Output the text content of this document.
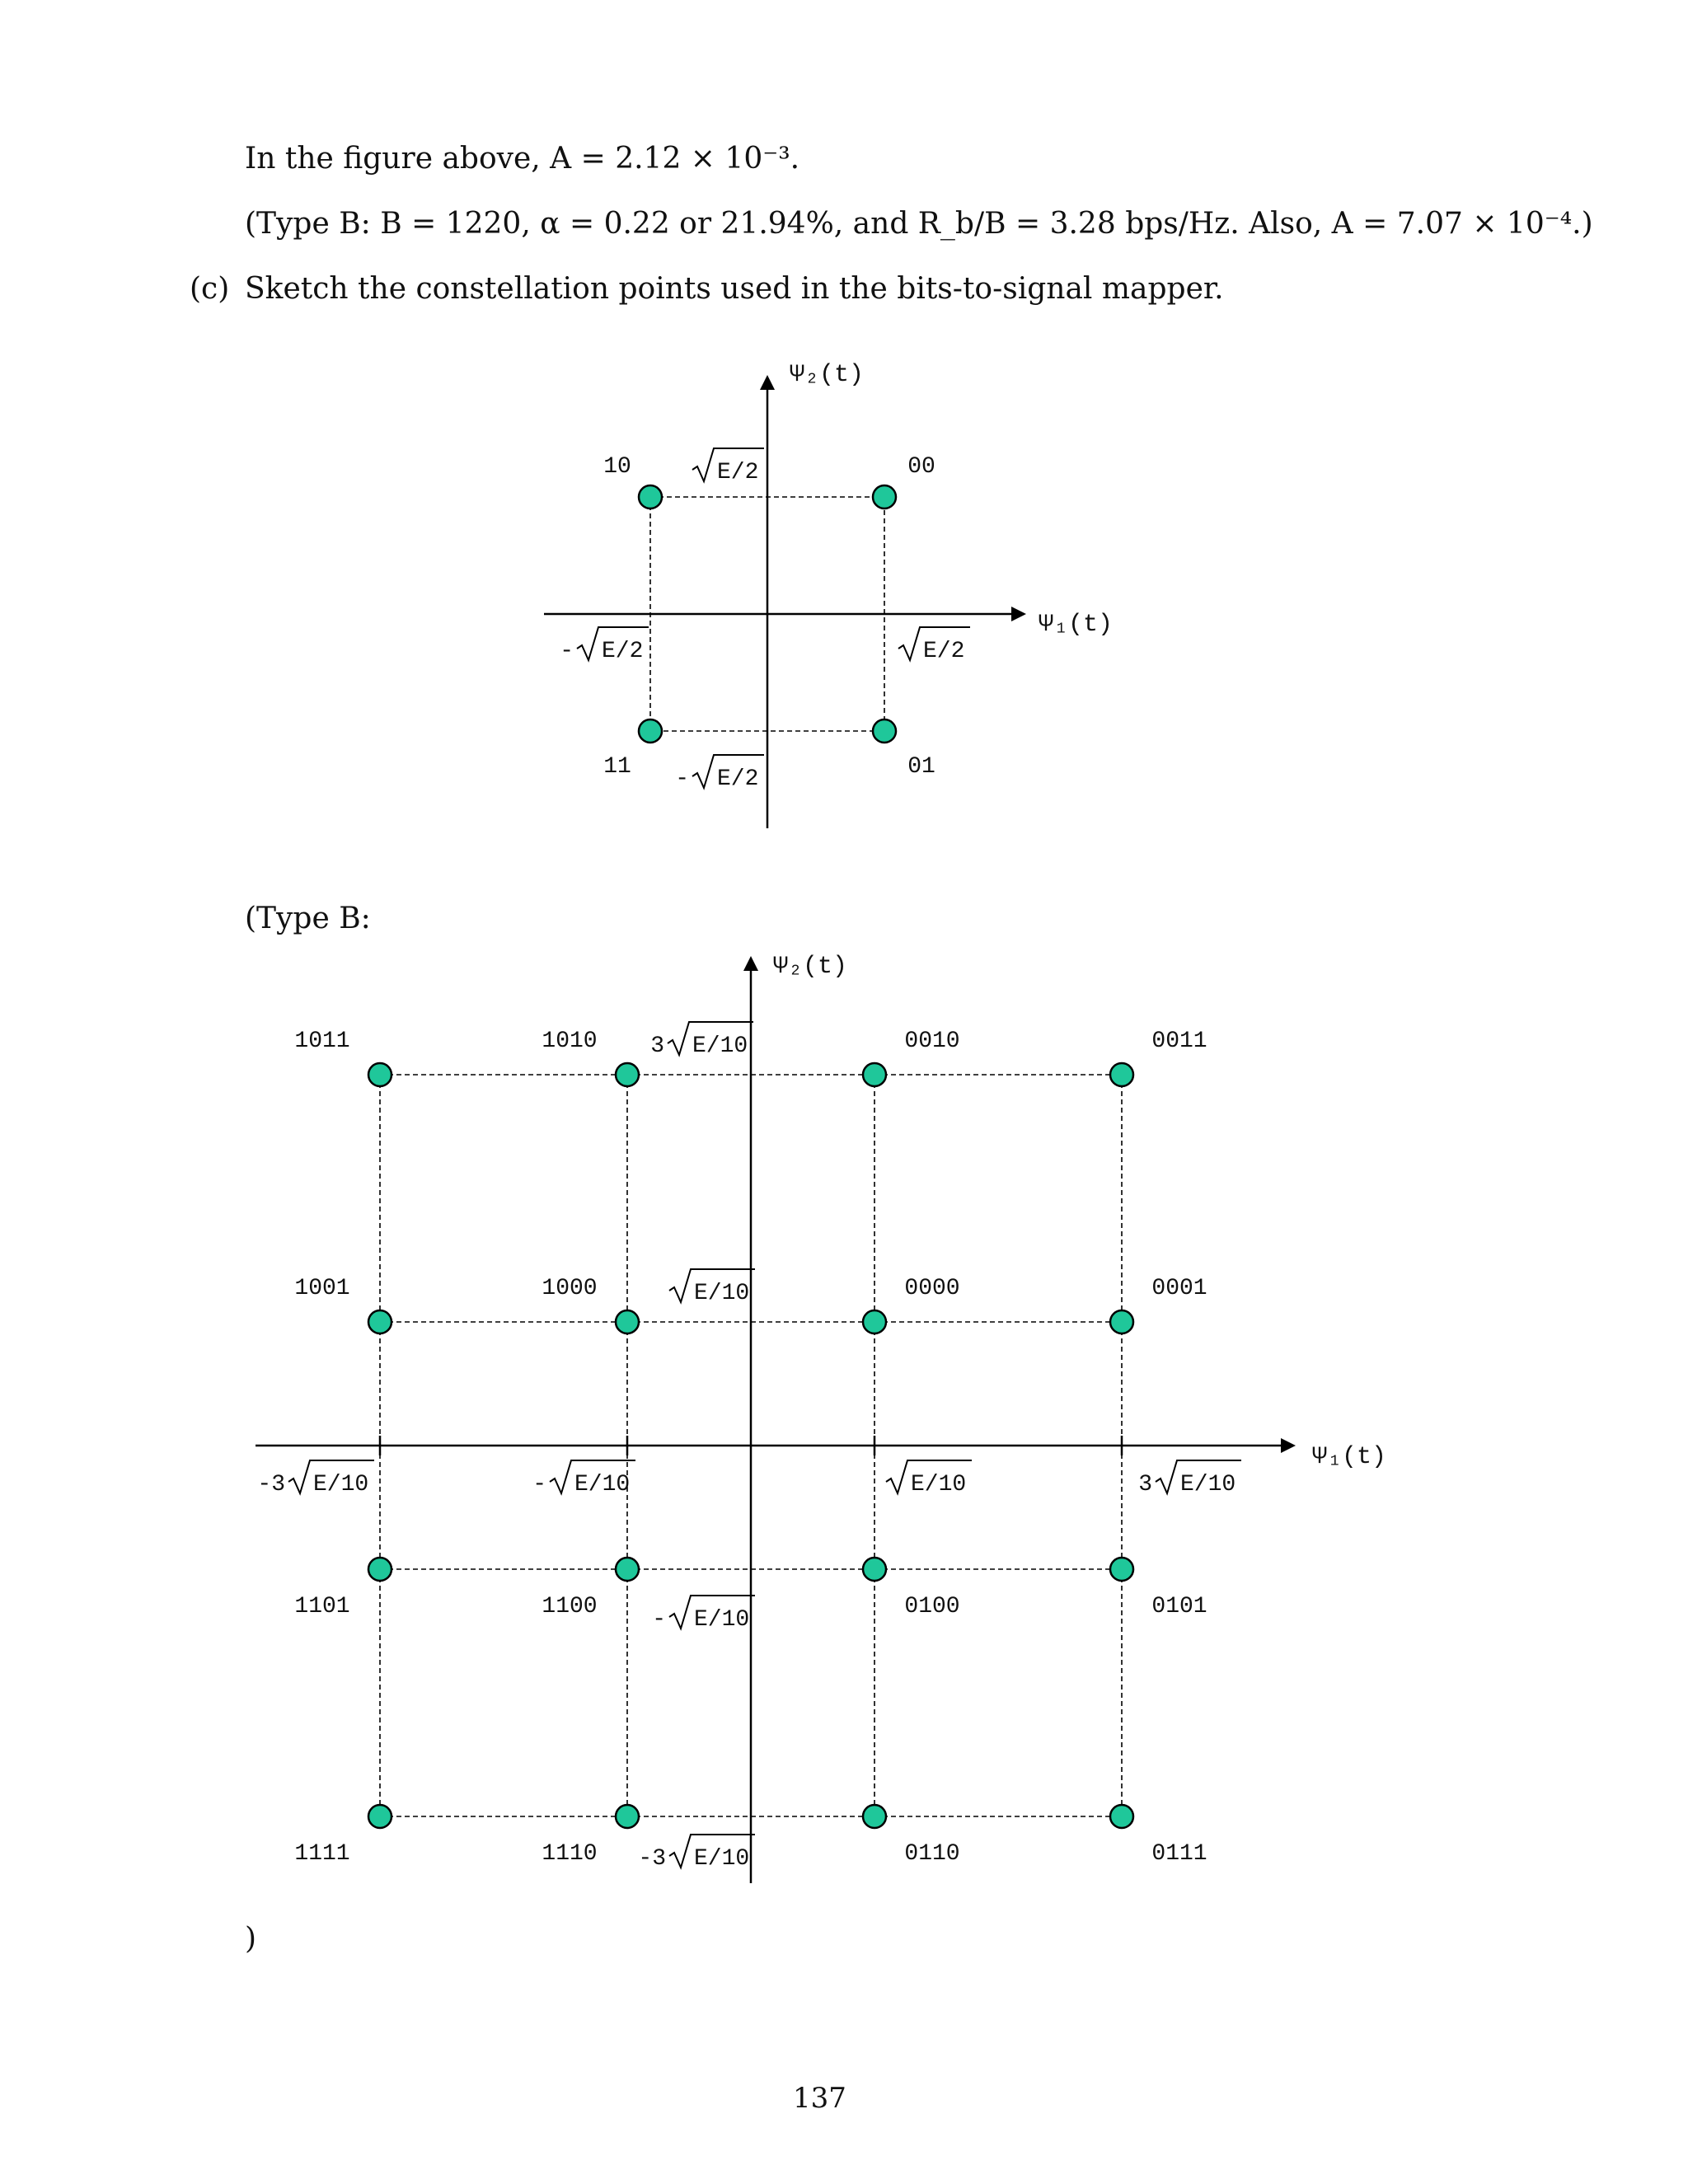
In the figure above, A = 2.12 × 10⁻³.
(Type B: B = 1220, α = 0.22 or 21.94%, and R_b/B = 3.28 bps/Hz. Also, A = 7.07 × 10⁻⁴.)
(c) Sketch the constellation points used in the bits-to-signal mapper.
(Type B:
)
137
Ψ₁(t)
Ψ₂(t)
- E/2	E/2
E/2
- E/2
10	00
11	01
Ψ₁(t)
Ψ₂(t)
-3 E/10	- E/10	E/10	3 E/10
3 E/10
E/10
- E/10
-3 E/10
1011	1010	0010	0011
1001	1000	0000	0001
1101	1100	0100	0101
1111	1110	0110	0111
